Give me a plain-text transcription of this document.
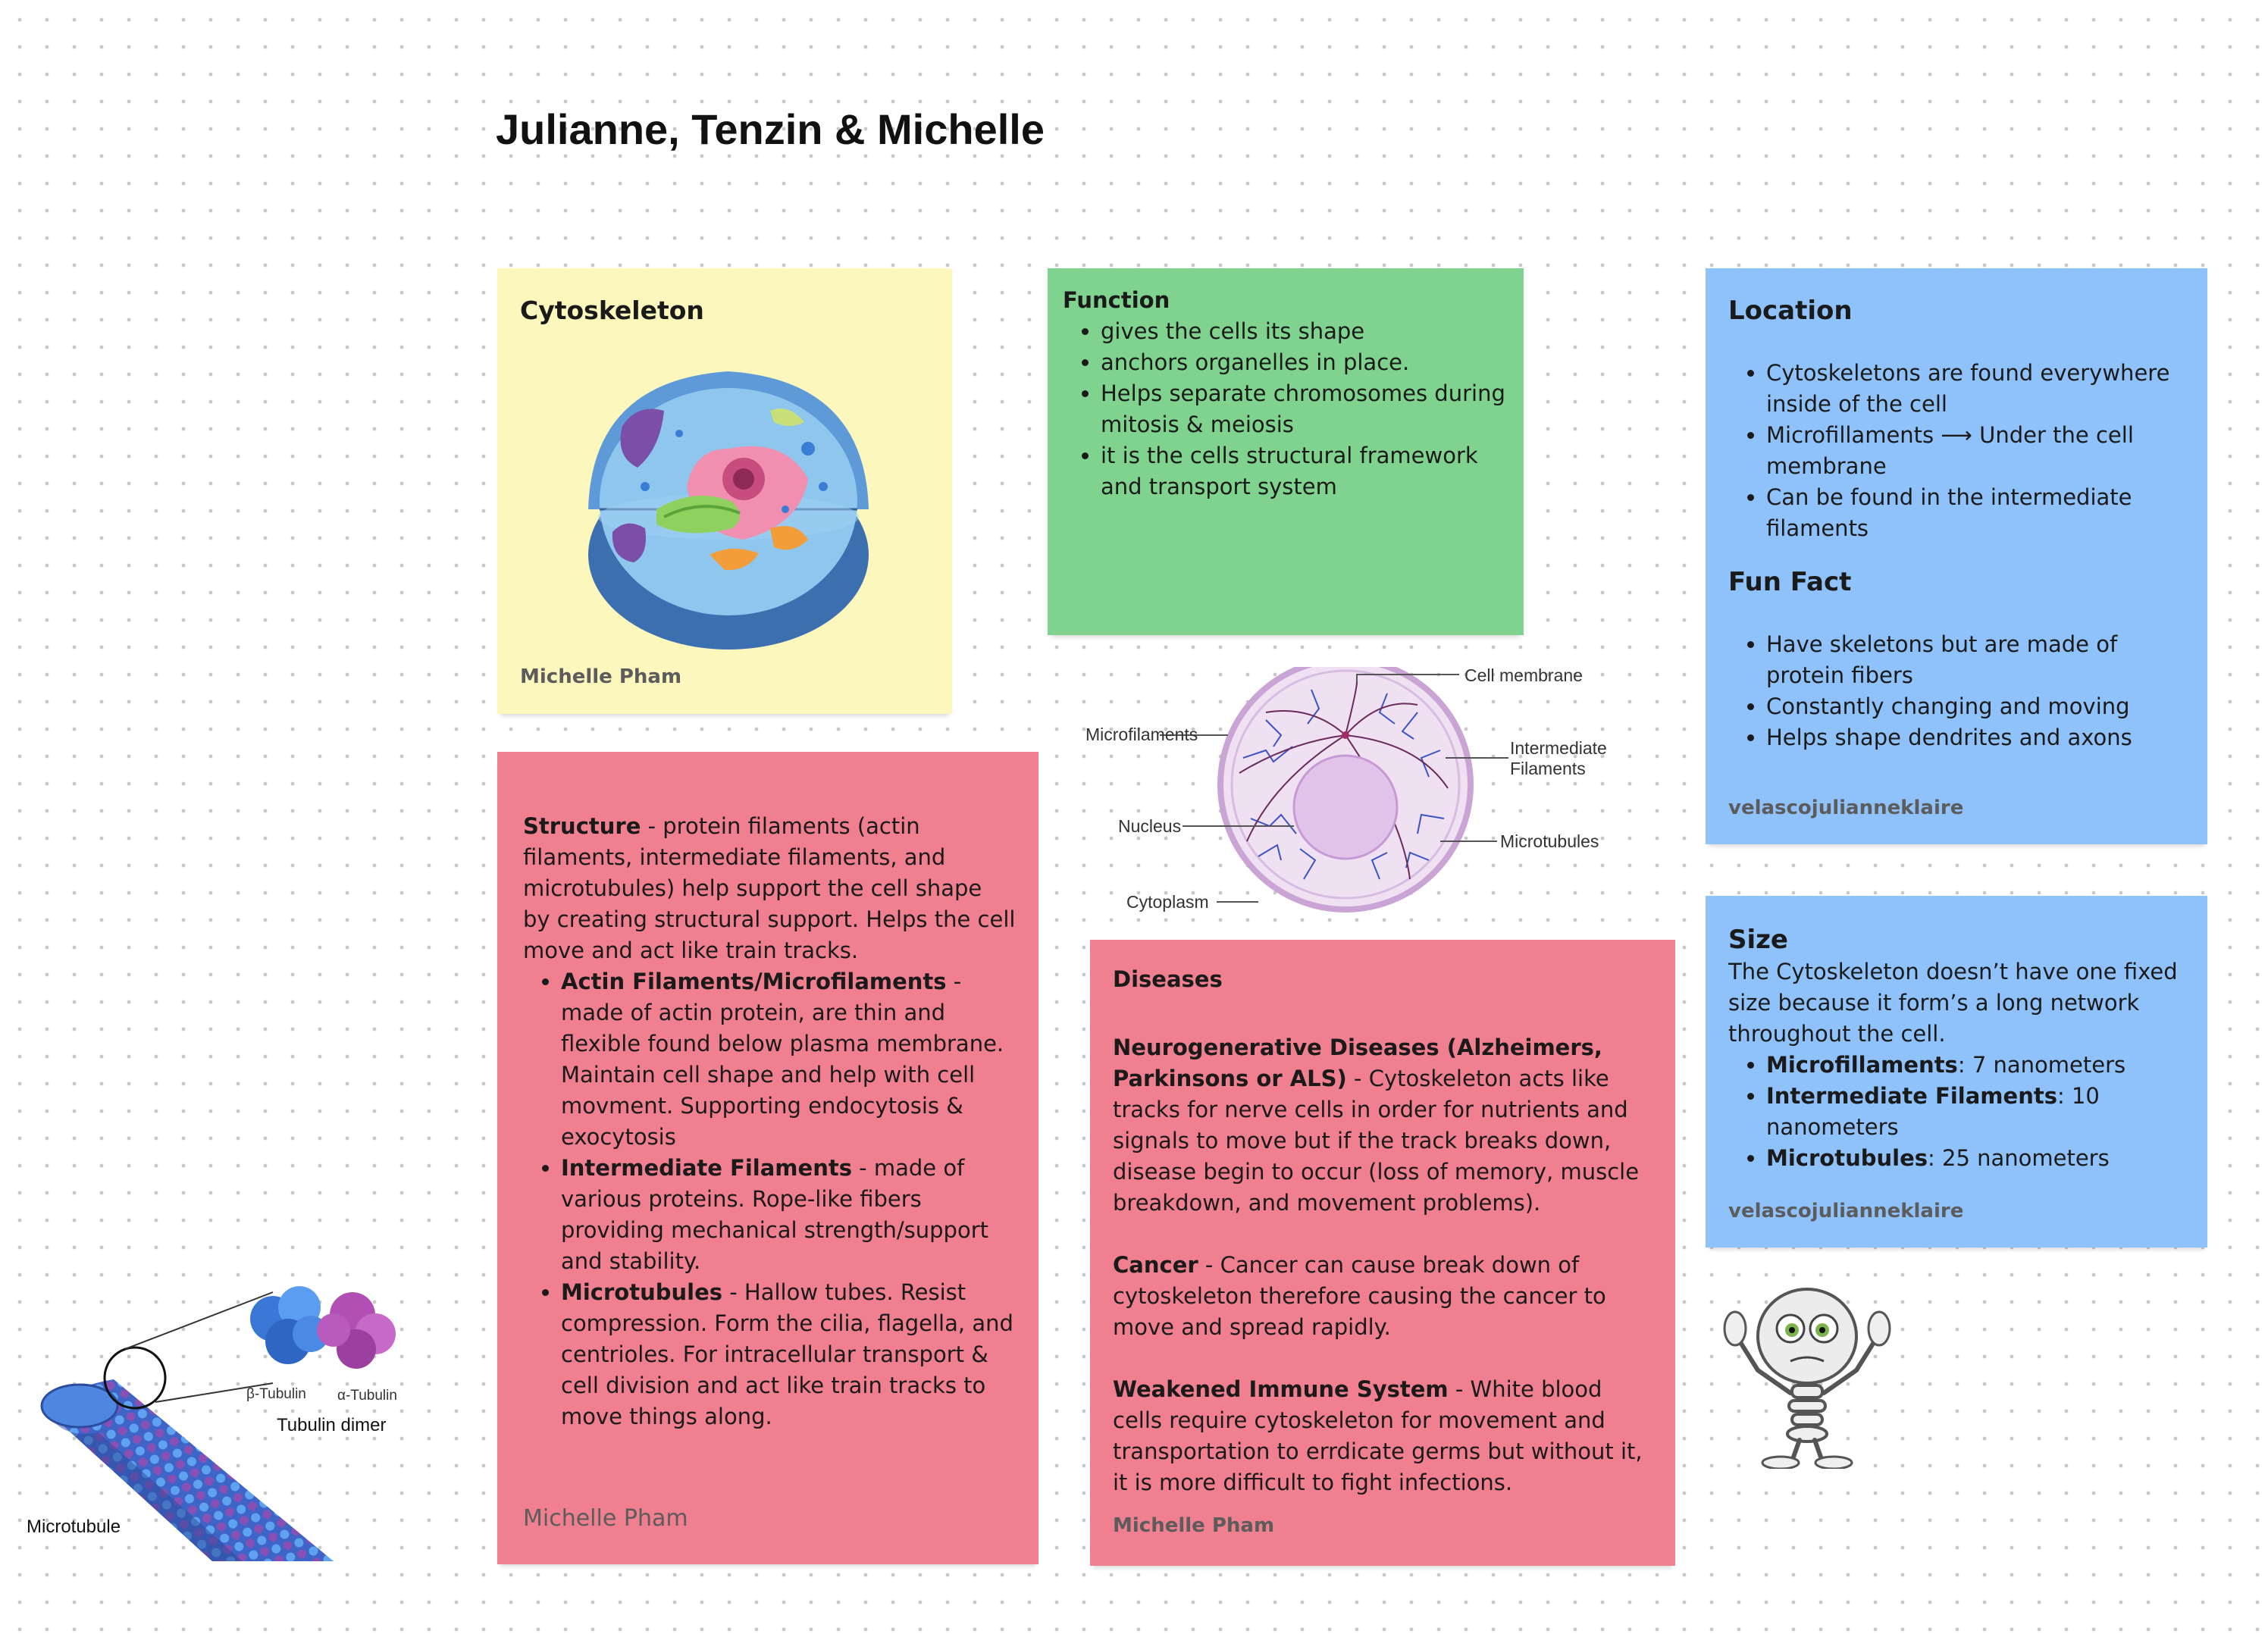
Julianne, Tenzin & Michelle
Cytoskeleton
Michelle Pham
Function
• gives the cells its shape
• anchors organelles in place.
• Helps separate chromosomes during mitosis & meiosis
• it is the cells structural framework and transport system
Location
• Cytoskeletons are found everywhere inside of the cell
• Microfillaments ⟶ Under the cell membrane
• Can be found in the intermediate filaments
Fun Fact
• Have skeletons but are made of protein fibers
• Constantly changing and moving
• Helps shape dendrites and axons
velascojulianneklaire
Structure - protein filaments (actin filaments, intermediate filaments, and microtubules) help support the cell shape by creating structural support. Helps the cell move and act like train tracks.
• Actin Filaments/Microfilaments - made of actin protein, are thin and flexible found below plasma membrane. Maintain cell shape and help with cell movment. Supporting endocytosis & exocytosis
• Intermediate Filaments - made of various proteins. Rope-like fibers providing mechanical strength/support and stability.
• Microtubules - Hallow tubes. Resist compression. Form the cilia, flagella, and centrioles. For intracellular transport & cell division and act like train tracks to move things along.
Michelle Pham
Cell membrane
Microfilaments
Intermediate
Filaments
Nucleus
Microtubules
Cytoplasm
Diseases

Neurogenerative Diseases (Alzheimers, Parkinsons or ALS) - Cytoskeleton acts like tracks for nerve cells in order for nutrients and signals to move but if the track breaks down, disease begin to occur (loss of memory, muscle breakdown, and movement problems).

Cancer - Cancer can cause break down of cytoskeleton therefore causing the cancer to move and spread rapidly.

Weakened Immune System - White blood cells require cytoskeleton for movement and transportation to errdicate germs but without it, it is more difficult to fight infections.

Michelle Pham
Size
The Cytoskeleton doesn’t have one fixed size because it form’s a long network throughout the cell.
• Microfillaments: 7 nanometers
• Intermediate Filaments: 10 nanometers
• Microtubules: 25 nanometers
velascojulianneklaire
β-Tubulin α-Tubulin
Tubulin dimer
Microtubule
